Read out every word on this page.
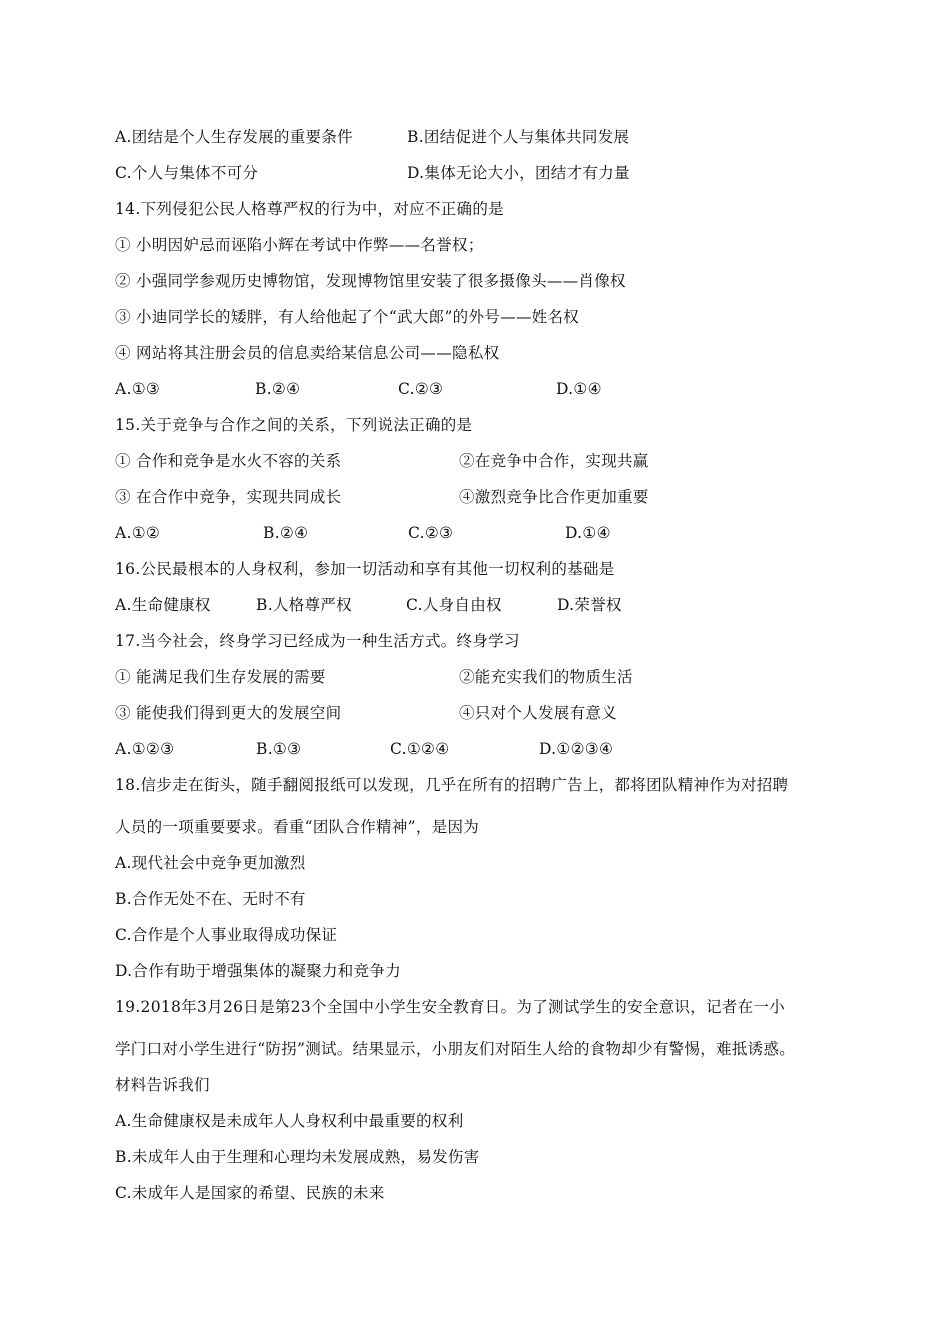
A.团结是个人生存发展的重要条件	B.团结促进个人与集体共同发展
C.个人与集体不可分	D.集体无论大小，团结才有力量
14.下列侵犯公民人格尊严权的行为中，对应不正确的是
① 小明因妒忌而诬陷小辉在考试中作弊——名誉权；
② 小强同学参观历史博物馆，发现博物馆里安装了很多摄像头——肖像权
③ 小迪同学长的矮胖，有人给他起了个“武大郎”的外号——姓名权
④ 网站将其注册会员的信息卖给某信息公司——隐私权
A.①③	B.②④	C.②③	D.①④
15.关于竞争与合作之间的关系，下列说法正确的是
① 合作和竞争是水火不容的关系	②在竞争中合作，实现共赢
③ 在合作中竞争，实现共同成长	④激烈竞争比合作更加重要
A.①②	B.②④	C.②③	D.①④
16.公民最根本的人身权利，参加一切活动和享有其他一切权利的基础是
A.生命健康权	B.人格尊严权	C.人身自由权	D.荣誉权
17.当今社会，终身学习已经成为一种生活方式。终身学习
① 能满足我们生存发展的需要	②能充实我们的物质生活
③ 能使我们得到更大的发展空间	④只对个人发展有意义
A.①②③	B.①③	C.①②④	D.①②③④
18.信步走在街头，随手翻阅报纸可以发现，几乎在所有的招聘广告上，都将团队精神作为对招聘
人员的一项重要要求。看重“团队合作精神”，是因为
A.现代社会中竞争更加激烈
B.合作无处不在、无时不有
C.合作是个人事业取得成功保证
D.合作有助于增强集体的凝聚力和竞争力
19.2018年3月26日是第23个全国中小学生安全教育日。为了测试学生的安全意识，记者在一小
学门口对小学生进行“防拐”测试。结果显示，小朋友们对陌生人给的食物却少有警惕，难抵诱惑。
材料告诉我们
A.生命健康权是未成年人人身权利中最重要的权利
B.未成年人由于生理和心理均未发展成熟，易发伤害
C.未成年人是国家的希望、民族的未来
